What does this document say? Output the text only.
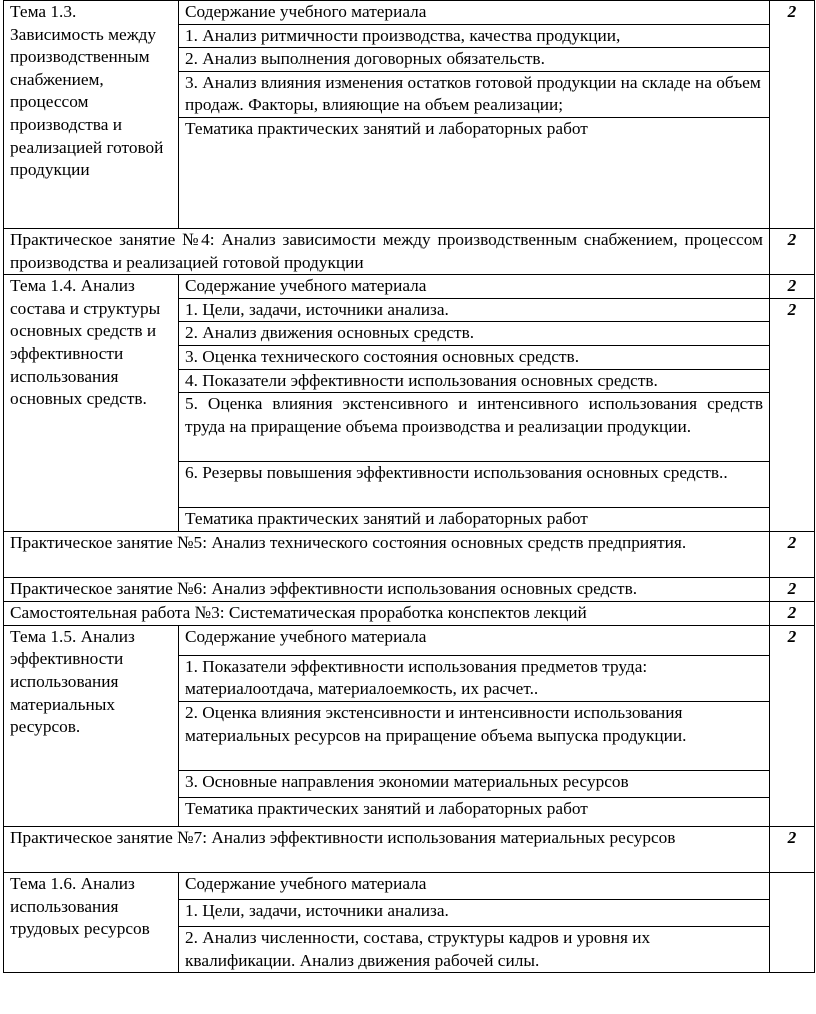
Тема 1.3. Зависимость между производственным снабжением, процессом производства и реализацией готовой продукции	Содержание учебного материала	2
	1. Анализ ритмичности производства, качества продукции,	
	2. Анализ выполнения договорных обязательств.	
	3. Анализ влияния изменения остатков готовой продукции на складе на объем продаж. Факторы, влияющие на объем реализации;	
	Тематика практических занятий и лабораторных работ	
Практическое занятие №4: Анализ зависимости между производственным снабжением, процессом производства и реализацией готовой продукции		2
Тема 1.4. Анализ состава и структуры основных средств и эффективности использования основных средств.	Содержание учебного материала	2
	1. Цели, задачи, источники анализа.	2
	2. Анализ движения основных средств.	
	3. Оценка технического состояния основных средств.	
	4. Показатели эффективности использования основных средств.	
	5. Оценка влияния экстенсивного и интенсивного использования средств труда на приращение объема производства и реализации продукции.	
	6. Резервы повышения эффективности использования основных средств..	
	Тематика практических занятий и лабораторных работ	
Практическое занятие №5: Анализ технического состояния основных средств предприятия.		2
Практическое занятие №6: Анализ эффективности использования основных средств.		2
Самостоятельная работа №3: Систематическая проработка конспектов лекций		2
Тема 1.5. Анализ эффективности использования материальных ресурсов.	Содержание учебного материала	2
	1. Показатели эффективности использования предметов труда: материалоотдача, материалоемкость, их расчет..	
	2. Оценка влияния экстенсивности и интенсивности использования материальных ресурсов на приращение объема выпуска продукции.	
	3. Основные направления экономии материальных ресурсов	
	Тематика практических занятий и лабораторных работ	
Практическое занятие №7: Анализ эффективности использования материальных ресурсов		2
Тема 1.6. Анализ использования трудовых ресурсов	Содержание учебного материала	
	1. Цели, задачи, источники анализа.	
	2. Анализ численности, состава, структуры кадров и уровня их квалификации. Анализ движения рабочей силы.	
